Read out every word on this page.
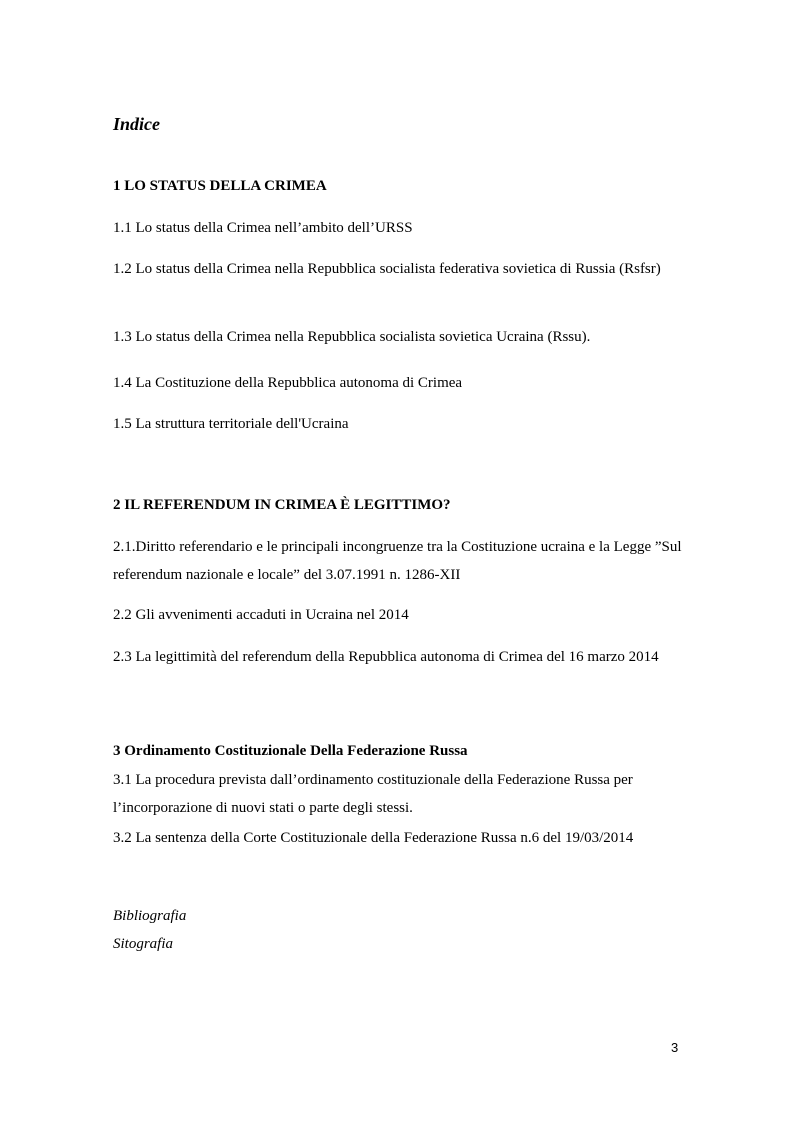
Indice
1 LO STATUS DELLA CRIMEA
1.1 Lo status della Crimea nell’ambito dell’URSS
1.2 Lo status della Crimea nella Repubblica socialista federativa sovietica di Russia (Rsfsr)
1.3 Lo status della Crimea nella Repubblica socialista sovietica Ucraina (Rssu).
1.4 La Costituzione della Repubblica autonoma di Crimea
1.5 La struttura territoriale dell'Ucraina
2 IL REFERENDUM IN CRIMEA È LEGITTIMO?
2.1.Diritto referendario e le principali incongruenze tra la Costituzione ucraina e la Legge ”Sul referendum nazionale e locale” del 3.07.1991 n. 1286-XII
2.2 Gli avvenimenti accaduti in Ucraina nel 2014
2.3 La legittimità del referendum della Repubblica autonoma di Crimea del 16 marzo 2014
3 Ordinamento Costituzionale Della Federazione Russa
3.1 La procedura prevista dall’ordinamento costituzionale della Federazione Russa per l’incorporazione di nuovi stati o parte degli stessi.
3.2 La sentenza della Corte Costituzionale della Federazione Russa n.6 del 19/03/2014
Bibliografia
Sitografia
3
